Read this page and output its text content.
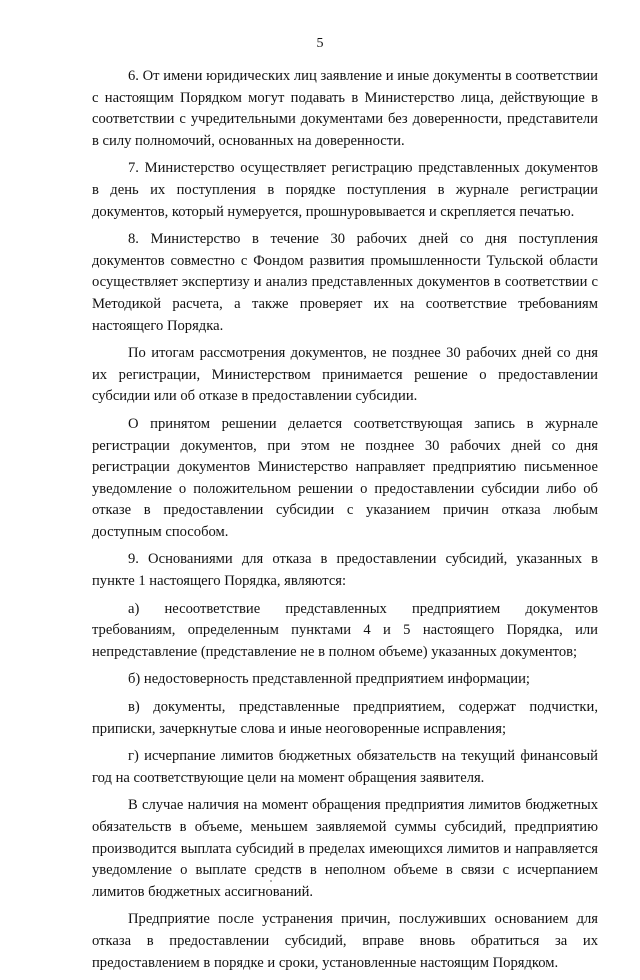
5

6. От имени юридических лиц заявление и иные документы в соответствии с настоящим Порядком могут подавать в Министерство лица, действующие в соответствии с учредительными документами без доверенности, представители в силу полномочий, основанных на доверенности.

7. Министерство осуществляет регистрацию представленных документов в день их поступления в порядке поступления в журнале регистрации документов, который нумеруется, прошнуровывается и скрепляется печатью.

8. Министерство в течение 30 рабочих дней со дня поступления документов совместно с Фондом развития промышленности Тульской области осуществляет экспертизу и анализ представленных документов в соответствии с Методикой расчета, а также проверяет их на соответствие требованиям настоящего Порядка.

По итогам рассмотрения документов, не позднее 30 рабочих дней со дня их регистрации, Министерством принимается решение о предоставлении субсидии или об отказе в предоставлении субсидии.

О принятом решении делается соответствующая запись в журнале регистрации документов, при этом не позднее 30 рабочих дней со дня регистрации документов Министерство направляет предприятию письменное уведомление о положительном решении о предоставлении субсидии либо об отказе в предоставлении субсидии с указанием причин отказа любым доступным способом.

9. Основаниями для отказа в предоставлении субсидий, указанных в пункте 1 настоящего Порядка, являются:

а) несоответствие представленных предприятием документов требованиям, определенным пунктами 4 и 5 настоящего Порядка, или непредставление (представление не в полном объеме) указанных документов;

б) недостоверность представленной предприятием информации;

в) документы, представленные предприятием, содержат подчистки, приписки, зачеркнутые слова и иные неоговоренные исправления;

г) исчерпание лимитов бюджетных обязательств на текущий финансовый год на соответствующие цели на момент обращения заявителя.

В случае наличия на момент обращения предприятия лимитов бюджетных обязательств в объеме, меньшем заявляемой суммы субсидий, предприятию производится выплата субсидий в пределах имеющихся лимитов и направляется уведомление о выплате средств в неполном объеме в связи с исчерпанием лимитов бюджетных ассигнований.

Предприятие после устранения причин, послуживших основанием для отказа в предоставлении субсидий, вправе вновь обратиться за их предоставлением в порядке и сроки, установленные настоящим Порядком.
